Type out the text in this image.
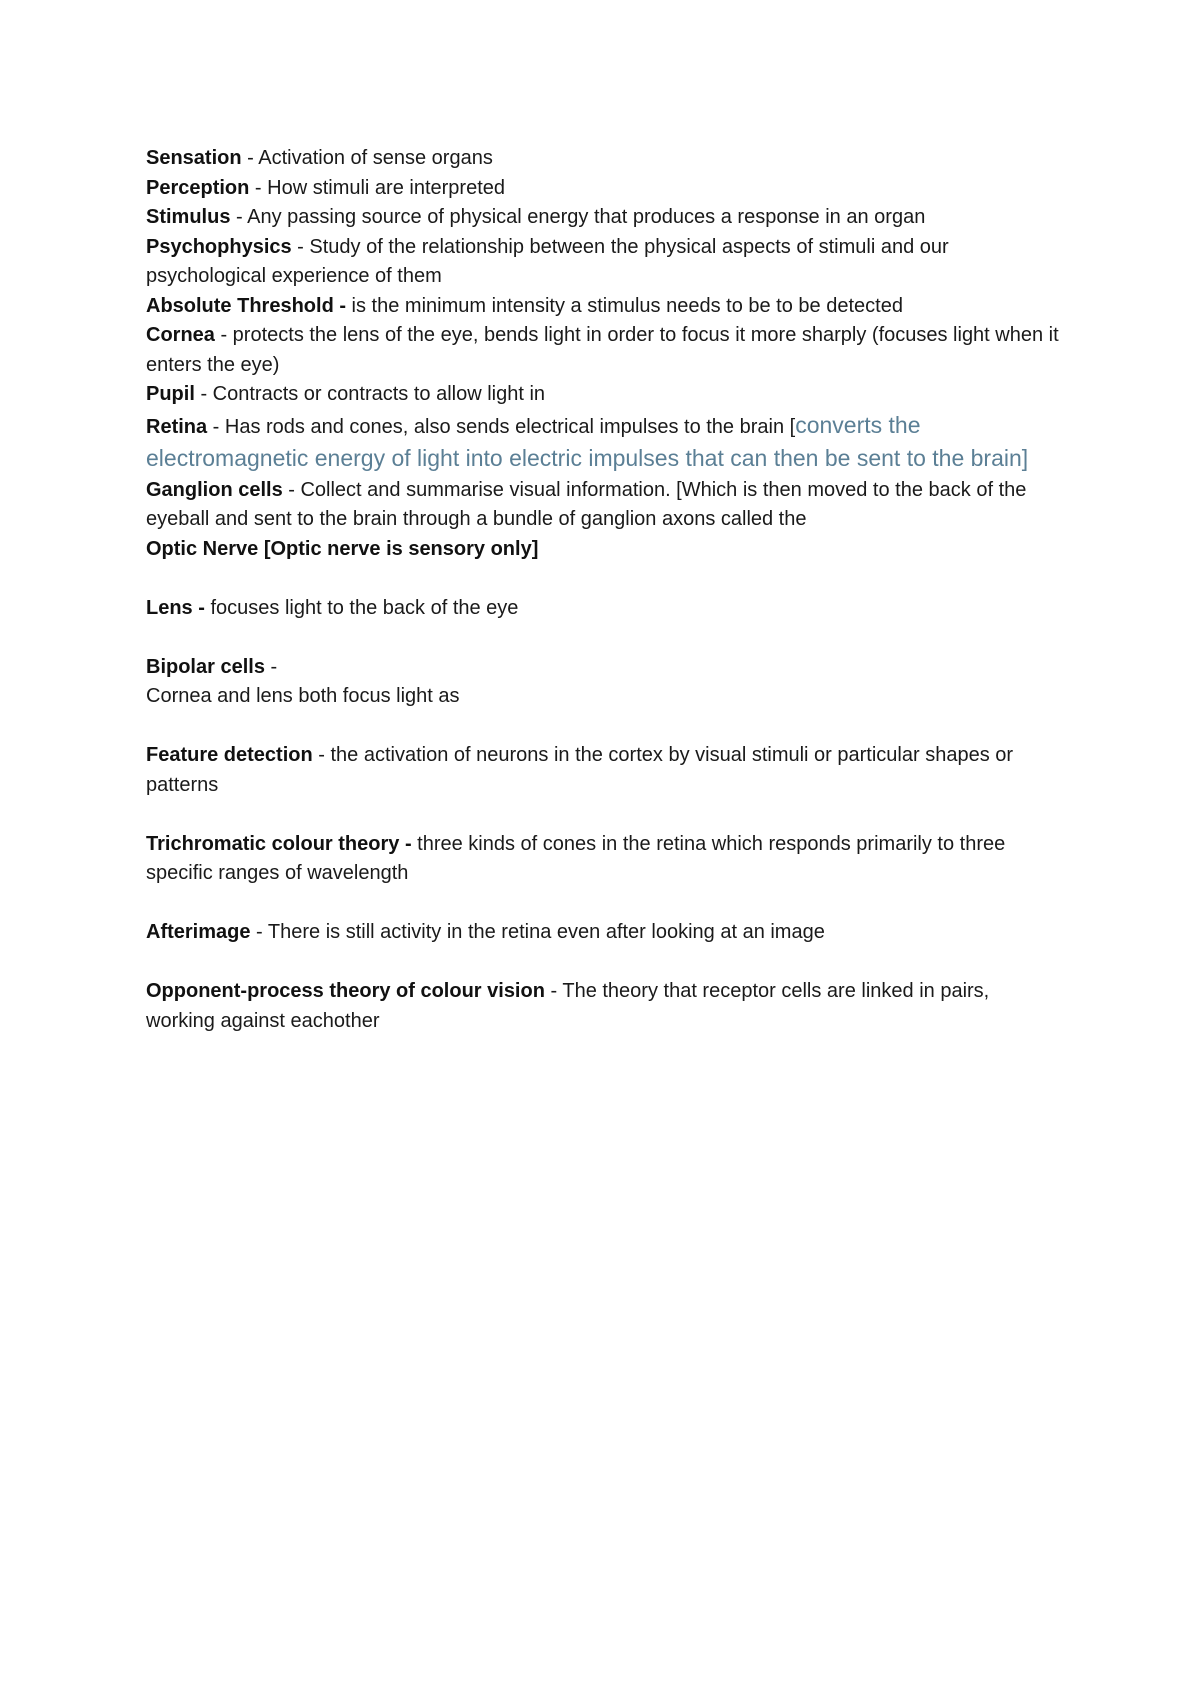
Sensation - Activation of sense organs

Perception - How stimuli are interpreted

Stimulus - Any passing source of physical energy that produces a response in an organ

Psychophysics - Study of the relationship between the physical aspects of stimuli and our psychological experience of them

Absolute Threshold - is the minimum intensity a stimulus needs to be to be detected

Cornea - protects the lens of the eye, bends light in order to focus it more sharply (focuses light when it enters the eye)

Pupil - Contracts or contracts to allow light in

Retina - Has rods and cones, also sends electrical impulses to the brain [converts the electromagnetic energy of light into electric impulses that can then be sent to the brain]

Ganglion cells - Collect and summarise visual information. [Which is then moved to the back of the eyeball and sent to the brain through a bundle of ganglion axons called the

Optic Nerve [Optic nerve is sensory only]

Lens - focuses light to the back of the eye

Bipolar cells -

Cornea and lens both focus light as

Feature detection - the activation of neurons in the cortex by visual stimuli or particular shapes or patterns

Trichromatic colour theory - three kinds of cones in the retina which responds primarily to three specific ranges of wavelength

Afterimage - There is still activity in the retina even after looking at an image

Opponent-process theory of colour vision - The theory that receptor cells are linked in pairs, working against eachother
